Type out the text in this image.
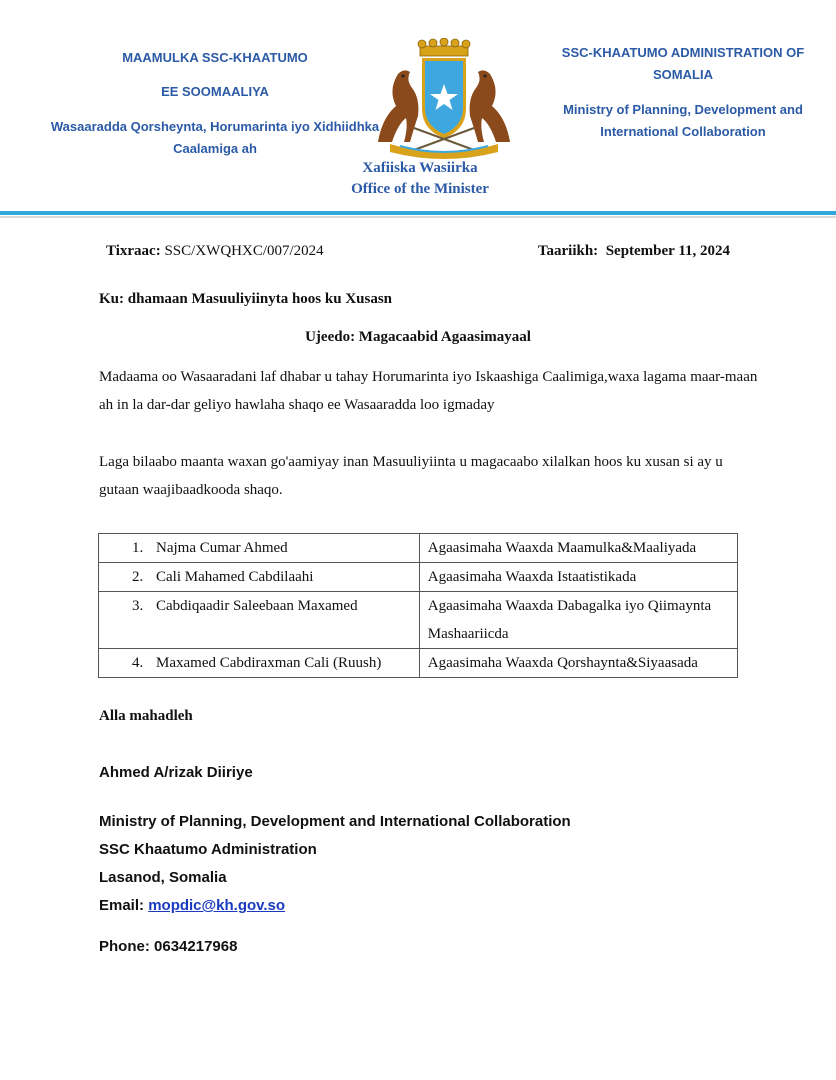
MAAMULKA SSC-KHAATUMO
EE SOOMAALIYA
Wasaaradda Qorsheynta, Horumarinta iyo Xidhiidhka
Caalamiga ah
SSC-KHAATUMO ADMINISTRATION OF
SOMALIA
Ministry of Planning, Development and
International Collaboration
Xafiiska Wasiirka
Office of the Minister
Tixraac: SSC/XWQHXC/007/2024	Taariikh: September 11, 2024
Ku: dhamaan Masuuliyiinyta hoos ku Xusasn
Ujeedo: Magacaabid Agaasimayaal
Madaama oo Wasaaradani laf dhabar u tahay Horumarinta iyo Iskaashiga Caalimiga,waxa lagama maar-maan ah in la dar-dar geliyo hawlaha shaqo ee Wasaaradda loo igmaday
Laga bilaabo maanta waxan go'aamiyay inan Masuuliyiinta u magacaabo xilalkan hoos ku xusan si ay u gutaan waajibaadkooda shaqo.
1. Najma Cumar Ahmed	Agaasimaha Waaxda Maamulka&Maaliyada
2. Cali Mahamed Cabdilaahi	Agaasimaha Waaxda Istaatistikada
3. Cabdiqaadir Saleebaan Maxamed	Agaasimaha Waaxda Dabagalka iyo Qiimaynta Mashaariicda
4. Maxamed Cabdiraxman Cali (Ruush)	Agaasimaha Waaxda Qorshaynta&Siyaasada
Alla mahadleh
Ahmed A/rizak Diiriye
Ministry of Planning, Development and International Collaboration
SSC Khaatumo Administration
Lasanod, Somalia
Email: mopdic@kh.gov.so
Phone: 0634217968
